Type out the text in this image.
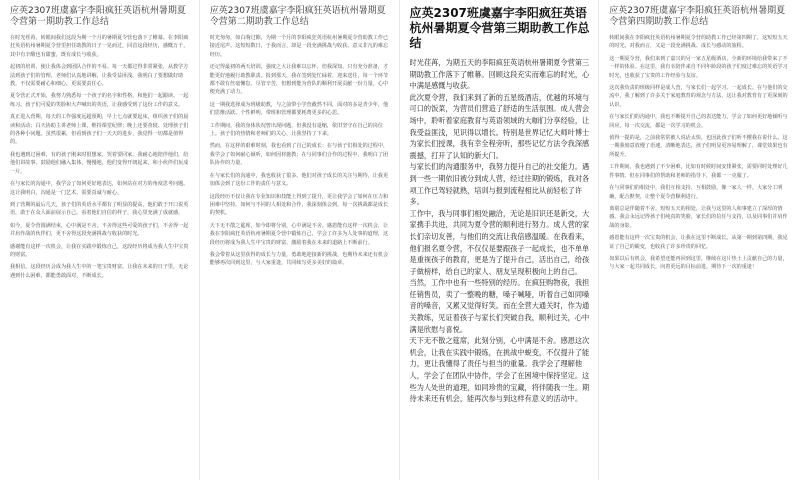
应英2307班虞嘉宇李阳疯狂英语杭州暑期夏令营第一期助教工作总结

在时光荏苒，转眼间我们这段为期一个月的暑期夏令营也落下了帷幕。在李阳疯狂英语杭州暑期夏令营里担任助教的日子一晃而过，回首这段经历，感慨万千，其中有辛酸也有甜蜜，既有成长与收获。

起初的培训，使让我体会到团队合作的不易。每一天都过得非常紧张，从教学方法到孩子们的管理，老师们认真地讲解，让我受益匪浅。我明白了要想做好助教，不仅需要耐心和细心，更需要责任心。

夏令营正式开始，我努力熟悉每一个孩子的名字和性格，和他们一起跟读、一起练习。孩子们可爱的笑脸和大声喊出的英语，让我感受到了这份工作的意义。

真正进入营期，每天的工作强度远超预期，早上七点就要起床，组织孩子们的晨读和活动；白天协助主讲老师上课，维持课堂纪律；晚上还要查寝、处理孩子们的各种小问题。虽然很累，但看到孩子们一天天的进步，我觉得一切都是值得的。

我也遇到过困难，有的孩子刚来时很想家，哭着要回家。我耐心地陪伴他们，给他们讲故事，鼓励他们融入集体，慢慢地，他们变得开朗起来，和小伙伴们玩成一片。

在与家长的沟通中，我学会了如何更好地表达，如何站在对方的角度思考问题。这让我明白，沟通是一门艺术，需要真诚与耐心。

到了营期的最后几天，孩子们的英语水平都有了明显的提高，他们敢于开口说英语，敢于在众人面前展示自己。看着他们自信的样子，我心里充满了成就感。

如今，夏令营圆满结束，心中满是不舍。不舍得这些可爱的孩子们，不舍得一起并肩作战的伙伴们，更不舍得这段充满挑战与收获的时光。

感谢能有这样一次机会，让我在实践中锻炼自己，这段经历将成为我人生中宝贵的财富。

我相信，这段经历会成为我人生中的一笔宝贵财富，让我在未来的日子里，无论遇到什么困难，都能勇敢面对，不断成长。

应英2307班虞嘉宇李阳疯狂英语杭州暑期夏令营第二期助教工作总结

时光匆匆，如白驹过隙，为期一个月的李阳疯狂英语杭州暑期夏令营助教工作已接近尾声。这短短数日，于我而言，却是一段充满挑战与收获、意义非凡的难忘经历。

还记得最初的两天培训，强度之大让我难以忘怀。但我深知，只有充分准备，才能更好地履行助教职责。报到那天，我在签到处忙碌着，迎来送往，每一个环节都不敢有丝毫懈怠。尽管辛苦，但想到能为营队的顺利开展贡献一份力量，心中便充满了动力。

这一期我选择成为班级助教，与之前带小学营截然不同，面对的多是青少年，他们思维活跃、个性鲜明，带班和管理都要耗费更多的心思。

工作期间，我的身体状况曾出现问题，但我没有退缩，依旧坚守在自己的岗位上。孩子们的热情和老师们的关心，让我坚持了下来。

然而，在这样的艰难时刻，我也看到了自己的成长：在与孩子们相处的过程中，我学会了如何耐心倾听，如何因材施教；在与同事们合作的过程中，我明白了团队协作的力量。

在与家长们的沟通中，我也收获了很多。他们对孩子成长的关注与期待，让我更加体会到了这份工作的责任与意义。

这段经历不仅让我在专业知识和技能上得到了提升，更让我学会了如何在压力和困难中坚持。如何与不同的人相处和合作，我深刻体会到，每一次挑战都是成长的契机。

天下无不散之筵席，如今即将分别，心中满是不舍。感恩能有这样一次机会，让我在李阳疯狂英语杭州暑期夏令营中锻炼自己，学会了许多为人处事的道理，这段经历将成为我人生中宝贵的财富，激励着我在未来的道路上不断前行。

我会带着从这里获得的成长与力量，勇敢地迎接新的挑战，也期待未来还有机会能够再次回到这里，与大家重逢，共同续写更多美好的篇章。

应英2307班虞嘉宇李阳疯狂英语杭州暑期夏令营第三期助教工作总结

时光荏苒，为期五天的李阳疯狂英语杭州暑期夏令营第三期助教工作落下了帷幕。回顾这段充实而难忘的时光，心中满是感慨与收获。

此次夏令营，我们来到了新的五星级酒店，优越的环境与可口的饭菜，为营员们营造了舒适的生活氛围。成人营会场中，聆听着家庭教育与英语领域的大咖们分享经验，让我受益匪浅，见识得以增长。特别是世界记忆大师叶博士为家长们授课，我有幸全程旁听，那些记忆方法令我深感震撼，打开了认知的新大门。

与家长们的沟通服务中，我努力提升自己的社交能力。遇到一些一期依旧被分到成人营，经过往期的锻炼，我对各项工作已驾轻就熟，培训与报到流程相比从前轻松了许多。

工作中，我与同事们相处融洽，无论是旧识还是新交，大家携手共进，共同为夏令营的顺利进行努力。成人营的家长们亲切友善，与他们的交流让我倍感温暖。在我看来，他们报名夏令营，不仅仅是要跟孩子一起成长，也不单单是重视孩子的教育，更是为了提升自己，活出自己，给孩子做榜样，给自己的家人、朋友呈现积极向上的自己。

当然，工作中也有一些特别的经历。在疯狂购物夜，我担任销售员，卖了一整晚的糖，嗓子喊哑，听着自己如同嗓音的嗓音，又累又觉得好笑。而在全营大通关时，作为通关教练，见证着孩子与家长们突破自我，顺利过关，心中满是欣慰与喜悦。

天下无不散之筵席，此刻分别，心中满是不舍。感恩这次机会，让我在实践中锻炼，在挑战中蜕变，不仅提升了能力，更让我懂得了责任与担当的重量。我学会了理解他人，学会了在团队中协作，学会了在困境中保持坚定。这些为人处世的道理，如同珍贵的宝藏，将伴随我一生。期待未来还有机会，能再次参与到这样有意义的活动中。

应英2307班虞嘉宇李阳疯狂英语杭州暑期夏令营第四期助教工作总结

转眼间我在李阳疯狂英语杭州暑期夏令营的助教工作已经第四期了，这短短五天的时光，对我而言，又是一段充满挑战、成长与感动的旅程。

这一期夏令营，我们来到了嘉兴的另一家五星级酒店，全新的环境给我带来了不一样的体验。在这里，我有幸陪伴来自不同年龄段的孩子们度过难忘的英语学习时光，也收获了宝贵的工作经验与友谊。

这次我负责的班级同样是成人营，与家长们一起学习、一起成长。在与他们的交流中，我了解到了许多关于家庭教育的观念与方法，这让我对教育有了更深刻的认识。

在与家长们的沟通中，我也不断提升自己的表达能力，学会了如何更好地倾听与回应。每一次交流，都是一次学习的机会。

值得一提的是，之前我常常被人说话太快，也因此孩子们听不懂我在说什么。这一期我刻意放慢了语速，清晰地表达，孩子们明显更容易理解了，课堂效果也有所提升。

工作期间，我也遇到了不少困难，比如有时候时间安排紧张，需要同时处理好几件事情。但在同事们的帮助和老师的指导下，我都一一克服了。

在与同事们的相处中，我们互相支持、互相鼓励，像一家人一样。大家分工明确，配合默契，让整个夏令营顺利进行。

离别总是伴随着不舍。短短五天的相处，让我与这里的人和事建立了深厚的情感。我会永远记得孩子们纯真的笑脸，家长们的信任与支持，以及同事们并肩作战的身影。

感恩能有这样一次宝贵的机会，让我在这里不断成长。从第一期到第四期，我见证了自己的蜕变，也收获了许多珍贵的回忆。

如果以后有机会，我希望还能再回到这里，继续在这片热土上贡献自己的力量，与大家一起共同成长，向着更远的目标前进。期待下一次的重逢！
